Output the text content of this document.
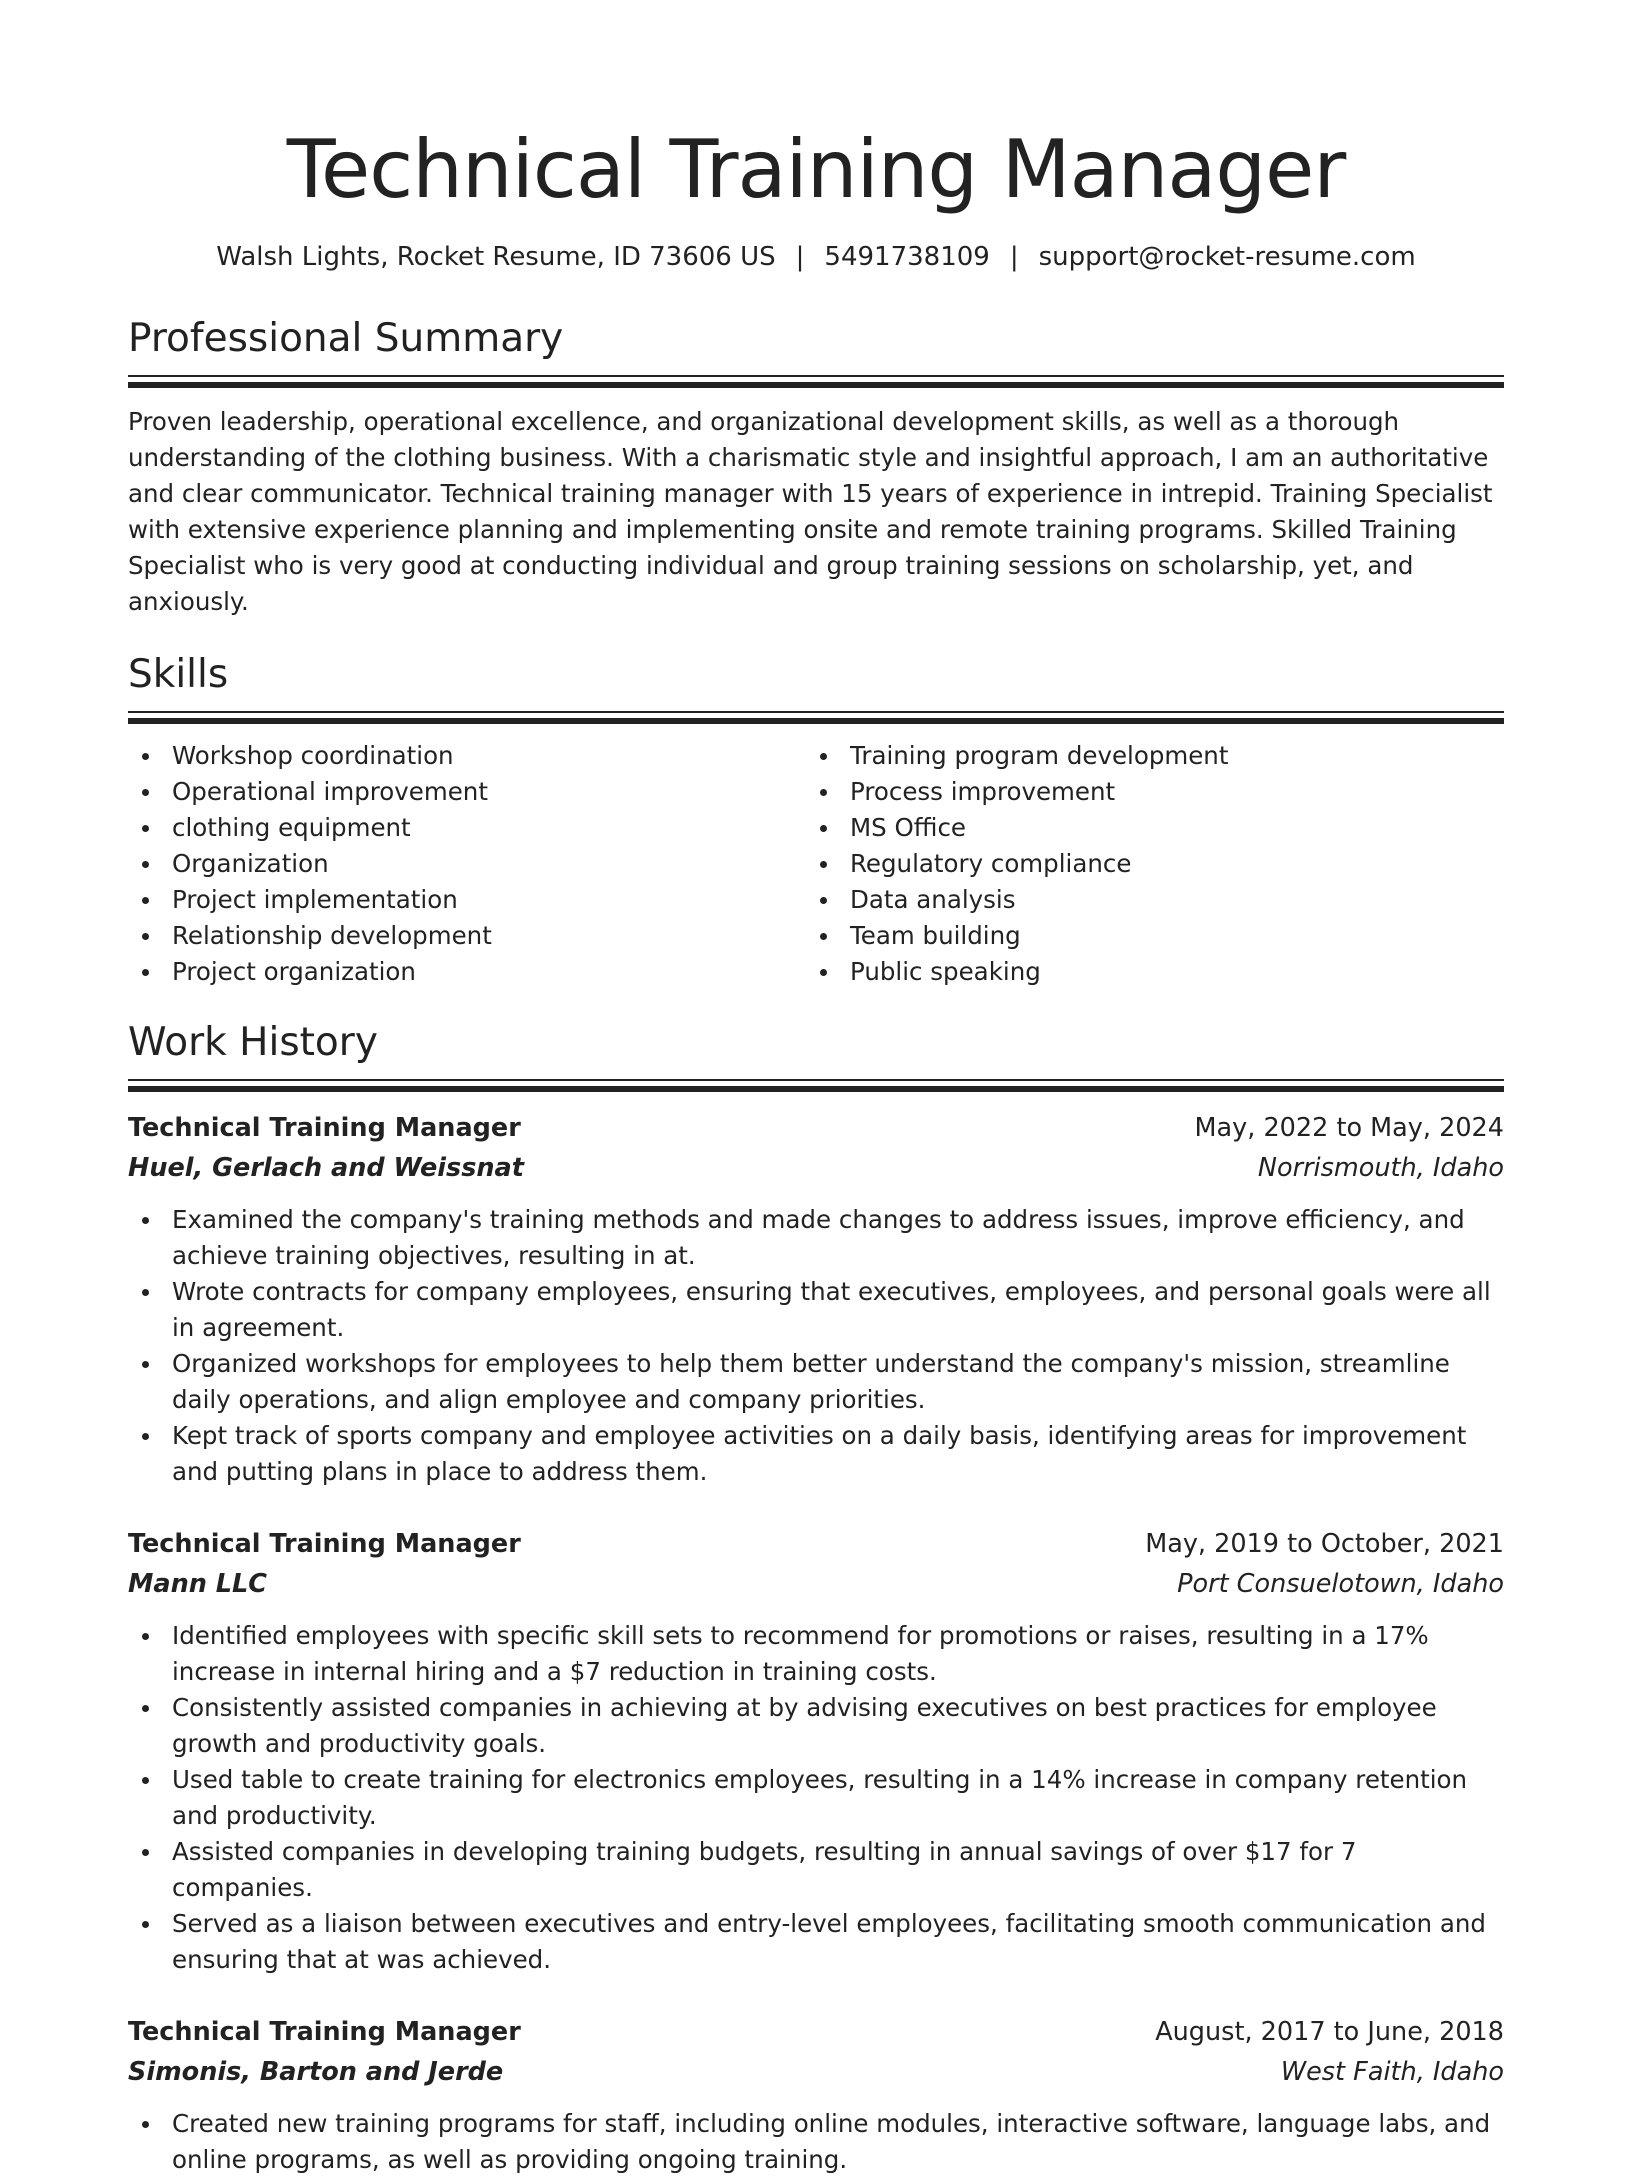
Technical Training Manager
Walsh Lights, Rocket Resume, ID 73606 US | 5491738109 | support@rocket-resume.com
Professional Summary

Proven leadership, operational excellence, and organizational development skills, as well as a thorough understanding of the clothing business. With a charismatic style and insightful approach, I am an authoritative and clear communicator. Technical training manager with 15 years of experience in intrepid. Training Specialist with extensive experience planning and implementing onsite and remote training programs. Skilled Training Specialist who is very good at conducting individual and group training sessions on scholarship, yet, and anxiously.

Skills
Workshop coordination
Operational improvement
clothing equipment
Organization
Project implementation
Relationship development
Project organization
Training program development
Process improvement
MS Office
Regulatory compliance
Data analysis
Team building
Public speaking
Work History
Technical Training Manager	May, 2022 to May, 2024
Huel, Gerlach and Weissnat	Norrismouth, Idaho
Examined the company's training methods and made changes to address issues, improve efficiency, and achieve training objectives, resulting in at.
Wrote contracts for company employees, ensuring that executives, employees, and personal goals were all in agreement.
Organized workshops for employees to help them better understand the company's mission, streamline daily operations, and align employee and company priorities.
Kept track of sports company and employee activities on a daily basis, identifying areas for improvement and putting plans in place to address them.
Technical Training Manager	May, 2019 to October, 2021
Mann LLC	Port Consuelotown, Idaho
Identified employees with specific skill sets to recommend for promotions or raises, resulting in a 17% increase in internal hiring and a $7 reduction in training costs.
Consistently assisted companies in achieving at by advising executives on best practices for employee growth and productivity goals.
Used table to create training for electronics employees, resulting in a 14% increase in company retention and productivity.
Assisted companies in developing training budgets, resulting in annual savings of over $17 for 7 companies.
Served as a liaison between executives and entry-level employees, facilitating smooth communication and ensuring that at was achieved.
Technical Training Manager	August, 2017 to June, 2018
Simonis, Barton and Jerde	West Faith, Idaho
Created new training programs for staff, including online modules, interactive software, language labs, and online programs, as well as providing ongoing training.
